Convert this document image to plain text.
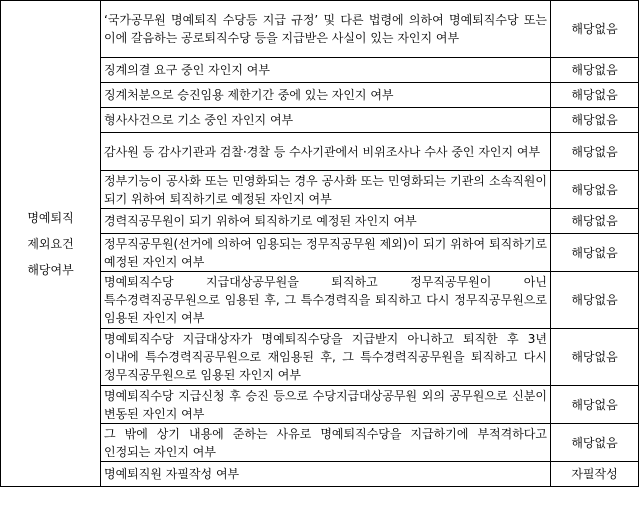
명예퇴직
제외요건
해당여부	‘국가공무원 명예퇴직 수당등 지급 규정’ 및 다른 법령에 의하여 명예퇴직수당 또는 이에 갈음하는 공로퇴직수당 등을 지급받은 사실이 있는 자인지 여부	해당없음
	징계의결 요구 중인 자인지 여부	해당없음
	징계처분으로 승진임용 제한기간 중에 있는 자인지 여부	해당없음
	형사사건으로 기소 중인 자인지 여부	해당없음
	감사원 등 감사기관과 검찰·경찰 등 수사기관에서 비위조사나 수사 중인 자인지 여부	해당없음
	정부기능이 공사화 또는 민영화되는 경우 공사화 또는 민영화되는 기관의 소속직원이 되기 위하여 퇴직하기로 예정된 자인지 여부	해당없음
	경력직공무원이 되기 위하여 퇴직하기로 예정된 자인지 여부	해당없음
	정무직공무원(선거에 의하여 임용되는 정무직공무원 제외)이 되기 위하여 퇴직하기로 예정된 자인지 여부	해당없음
	명예퇴직수당 지급대상공무원을 퇴직하고 정무직공무원이 아닌 특수경력직공무원으로 임용된 후, 그 특수경력직을 퇴직하고 다시 정무직공무원으로 임용된 자인지 여부	해당없음
	명예퇴직수당 지급대상자가 명예퇴직수당을 지급받지 아니하고 퇴직한 후 3년 이내에 특수경력직공무원으로 재임용된 후, 그 특수경력직공무원을 퇴직하고 다시 정무직공무원으로 임용된 자인지 여부	해당없음
	명예퇴직수당 지급신청 후 승진 등으로 수당지급대상공무원 외의 공무원으로 신분이 변동된 자인지 여부	해당없음
	그 밖에 상기 내용에 준하는 사유로 명예퇴직수당을 지급하기에 부적격하다고 인정되는 자인지 여부	해당없음
	명예퇴직원 자필작성 여부	자필작성
